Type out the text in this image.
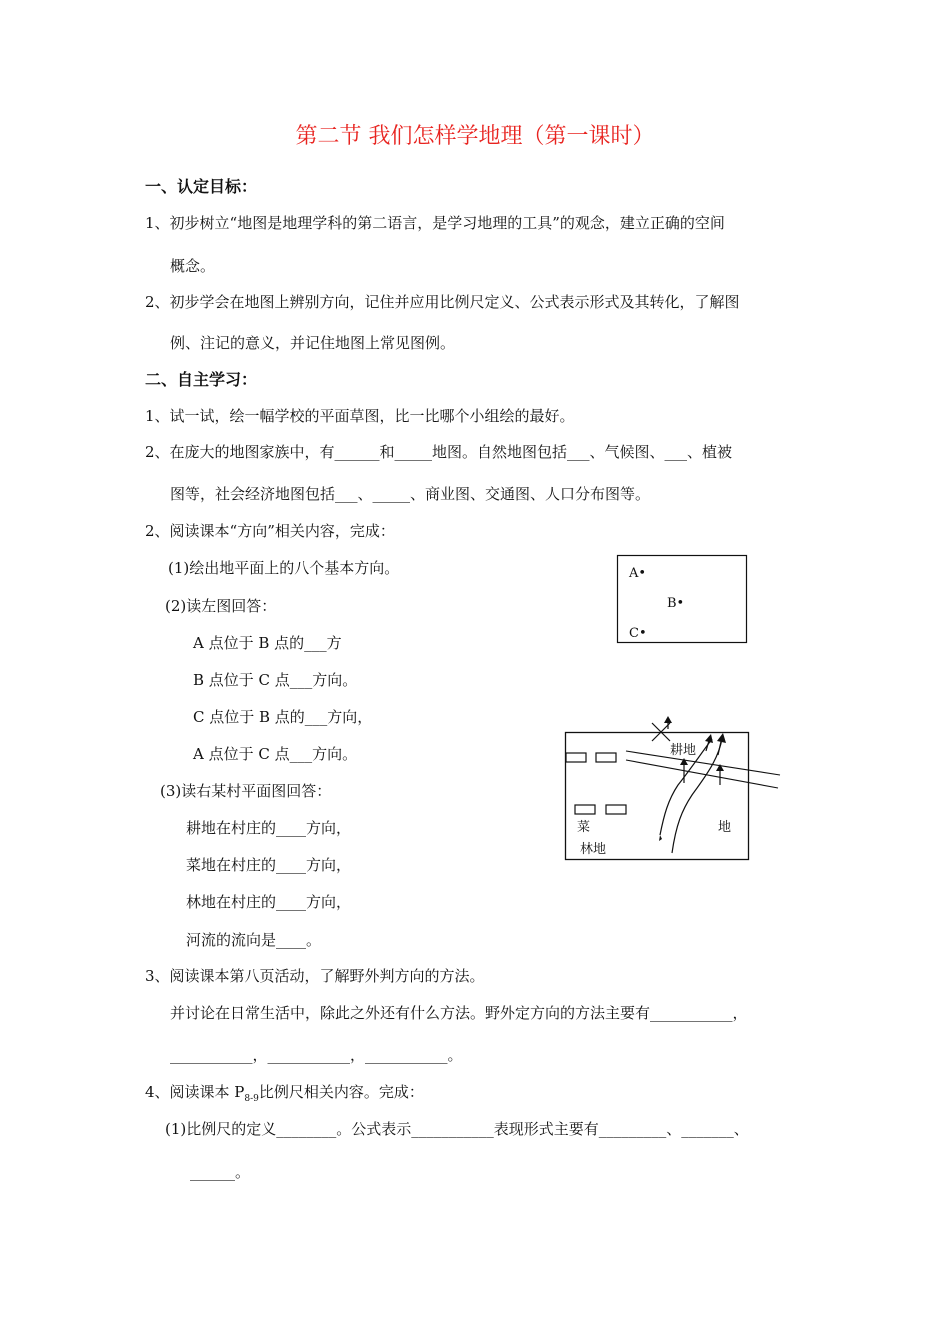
第二节 我们怎样学地理（第一课时）
一、认定目标：
1、初步树立“地图是地理学科的第二语言，是学习地理的工具”的观念，建立正确的空间
概念。
2、初步学会在地图上辨别方向，记住并应用比例尺定义、公式表示形式及其转化，了解图
例、注记的意义，并记住地图上常见图例。
二、自主学习：
1、试一试，绘一幅学校的平面草图，比一比哪个小组绘的最好。
2、在庞大的地图家族中，有______和_____地图。自然地图包括___、气候图、___、植被
图等，社会经济地图包括___、_____、商业图、交通图、人口分布图等。
2、阅读课本“方向”相关内容，完成：
(1)绘出地平面上的八个基本方向。
(2)读左图回答：
A 点位于 B 点的___方
B 点位于 C 点___方向。
C 点位于 B 点的___方向，
A 点位于 C 点___方向。
(3)读右某村平面图回答：
耕地在村庄的____方向，
菜地在村庄的____方向，
林地在村庄的____方向，
河流的流向是____。
3、阅读课本第八页活动，了解野外判方向的方法。
并讨论在日常生活中，除此之外还有什么方法。野外定方向的方法主要有___________，
___________，___________，___________。
4、阅读课本 $P_{8-9}$比例尺相关内容。完成：
(1)比例尺的定义________。公式表示___________表现形式主要有_________、_______、
______。
A•
B•
C•
耕地
菜	地
林地
